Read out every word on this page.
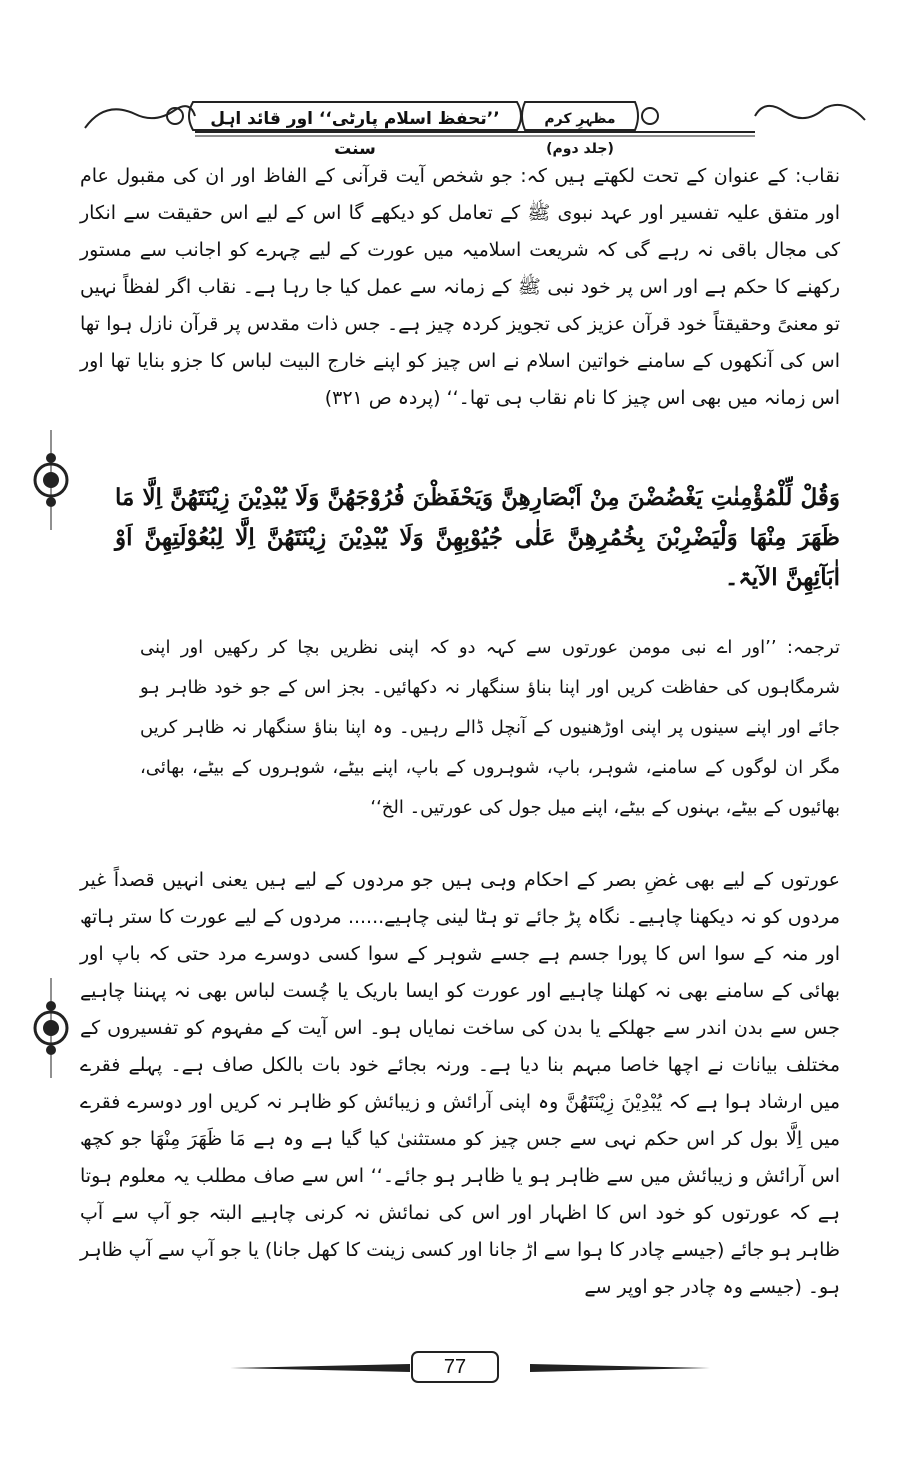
’’تحفظ اسلام پارٹی‘‘ اور قائد اہل سنت
مظہرِ کرم (جلد دوم)

نقاب: کے عنوان کے تحت لکھتے ہیں کہ: جو شخص آیت قرآنی کے الفاظ اور ان کی مقبول عام اور متفق علیہ تفسیر اور عہد نبوی ﷺ کے تعامل کو دیکھے گا اس کے لیے اس حقیقت سے انکار کی مجال باقی نہ رہے گی کہ شریعت اسلامیہ میں عورت کے لیے چہرے کو اجانب سے مستور رکھنے کا حکم ہے اور اس پر خود نبی ﷺ کے زمانہ سے عمل کیا جا رہا ہے۔ نقاب اگر لفظاً نہیں تو معنیً وحقیقتاً خود قرآن عزیز کی تجویز کردہ چیز ہے۔ جس ذات مقدس پر قرآن نازل ہوا تھا اس کی آنکھوں کے سامنے خواتین اسلام نے اس چیز کو اپنے خارج البیت لباس کا جزو بنایا تھا اور اس زمانہ میں بھی اس چیز کا نام نقاب ہی تھا۔‘‘ (پردہ ص ۳۲۱)

وَقُلْ لِّلْمُؤْمِنٰتِ یَغْضُضْنَ مِنْ اَبْصَارِهِنَّ وَیَحْفَظْنَ فُرُوْجَهُنَّ وَلَا یُبْدِیْنَ زِیْنَتَهُنَّ اِلَّا مَا ظَهَرَ مِنْهَا وَلْیَضْرِبْنَ بِخُمُرِهِنَّ عَلٰی جُیُوْبِهِنَّ وَلَا یُبْدِیْنَ زِیْنَتَهُنَّ اِلَّا لِبُعُوْلَتِهِنَّ اَوْ اٰبَآئِهِنَّ الآیۃ۔

ترجمہ: ’’اور اے نبی مومن عورتوں سے کہہ دو کہ اپنی نظریں بچا کر رکھیں اور اپنی شرمگاہوں کی حفاظت کریں اور اپنا بناؤ سنگھار نہ دکھائیں۔ بجز اس کے جو خود ظاہر ہو جائے اور اپنے سینوں پر اپنی اوڑھنیوں کے آنچل ڈالے رہیں۔ وہ اپنا بناؤ سنگھار نہ ظاہر کریں مگر ان لوگوں کے سامنے، شوہر، باپ، شوہروں کے باپ، اپنے بیٹے، شوہروں کے بیٹے، بھائی، بھائیوں کے بیٹے، بہنوں کے بیٹے، اپنے میل جول کی عورتیں۔ الخ‘‘

عورتوں کے لیے بھی غضِ بصر کے احکام وہی ہیں جو مردوں کے لیے ہیں یعنی انہیں قصداً غیر مردوں کو نہ دیکھنا چاہیے۔ نگاہ پڑ جائے تو ہٹا لینی چاہیے...... مردوں کے لیے عورت کا ستر ہاتھ اور منہ کے سوا اس کا پورا جسم ہے جسے شوہر کے سوا کسی دوسرے مرد حتی کہ باپ اور بھائی کے سامنے بھی نہ کھلنا چاہیے اور عورت کو ایسا باریک یا چُست لباس بھی نہ پہننا چاہیے جس سے بدن اندر سے جھلکے یا بدن کی ساخت نمایاں ہو۔ اس آیت کے مفہوم کو تفسیروں کے مختلف بیانات نے اچھا خاصا مبہم بنا دیا ہے۔ ورنہ بجائے خود بات بالکل صاف ہے۔ پہلے فقرے میں ارشاد ہوا ہے کہ یُبْدِیْنَ زِیْنَتَهُنَّ وہ اپنی آرائش و زیبائش کو ظاہر نہ کریں اور دوسرے فقرے میں اِلَّا بول کر اس حکم نہی سے جس چیز کو مستثنیٰ کیا گیا ہے وہ ہے مَا ظَهَرَ مِنْهَا جو کچھ اس آرائش و زیبائش میں سے ظاہر ہو یا ظاہر ہو جائے۔‘‘ اس سے صاف مطلب یہ معلوم ہوتا ہے کہ عورتوں کو خود اس کا اظہار اور اس کی نمائش نہ کرنی چاہیے البتہ جو آپ سے آپ ظاہر ہو جائے (جیسے چادر کا ہوا سے اڑ جانا اور کسی زینت کا کھل جانا) یا جو آپ سے آپ ظاہر ہو۔ (جیسے وہ چادر جو اوپر سے

77
